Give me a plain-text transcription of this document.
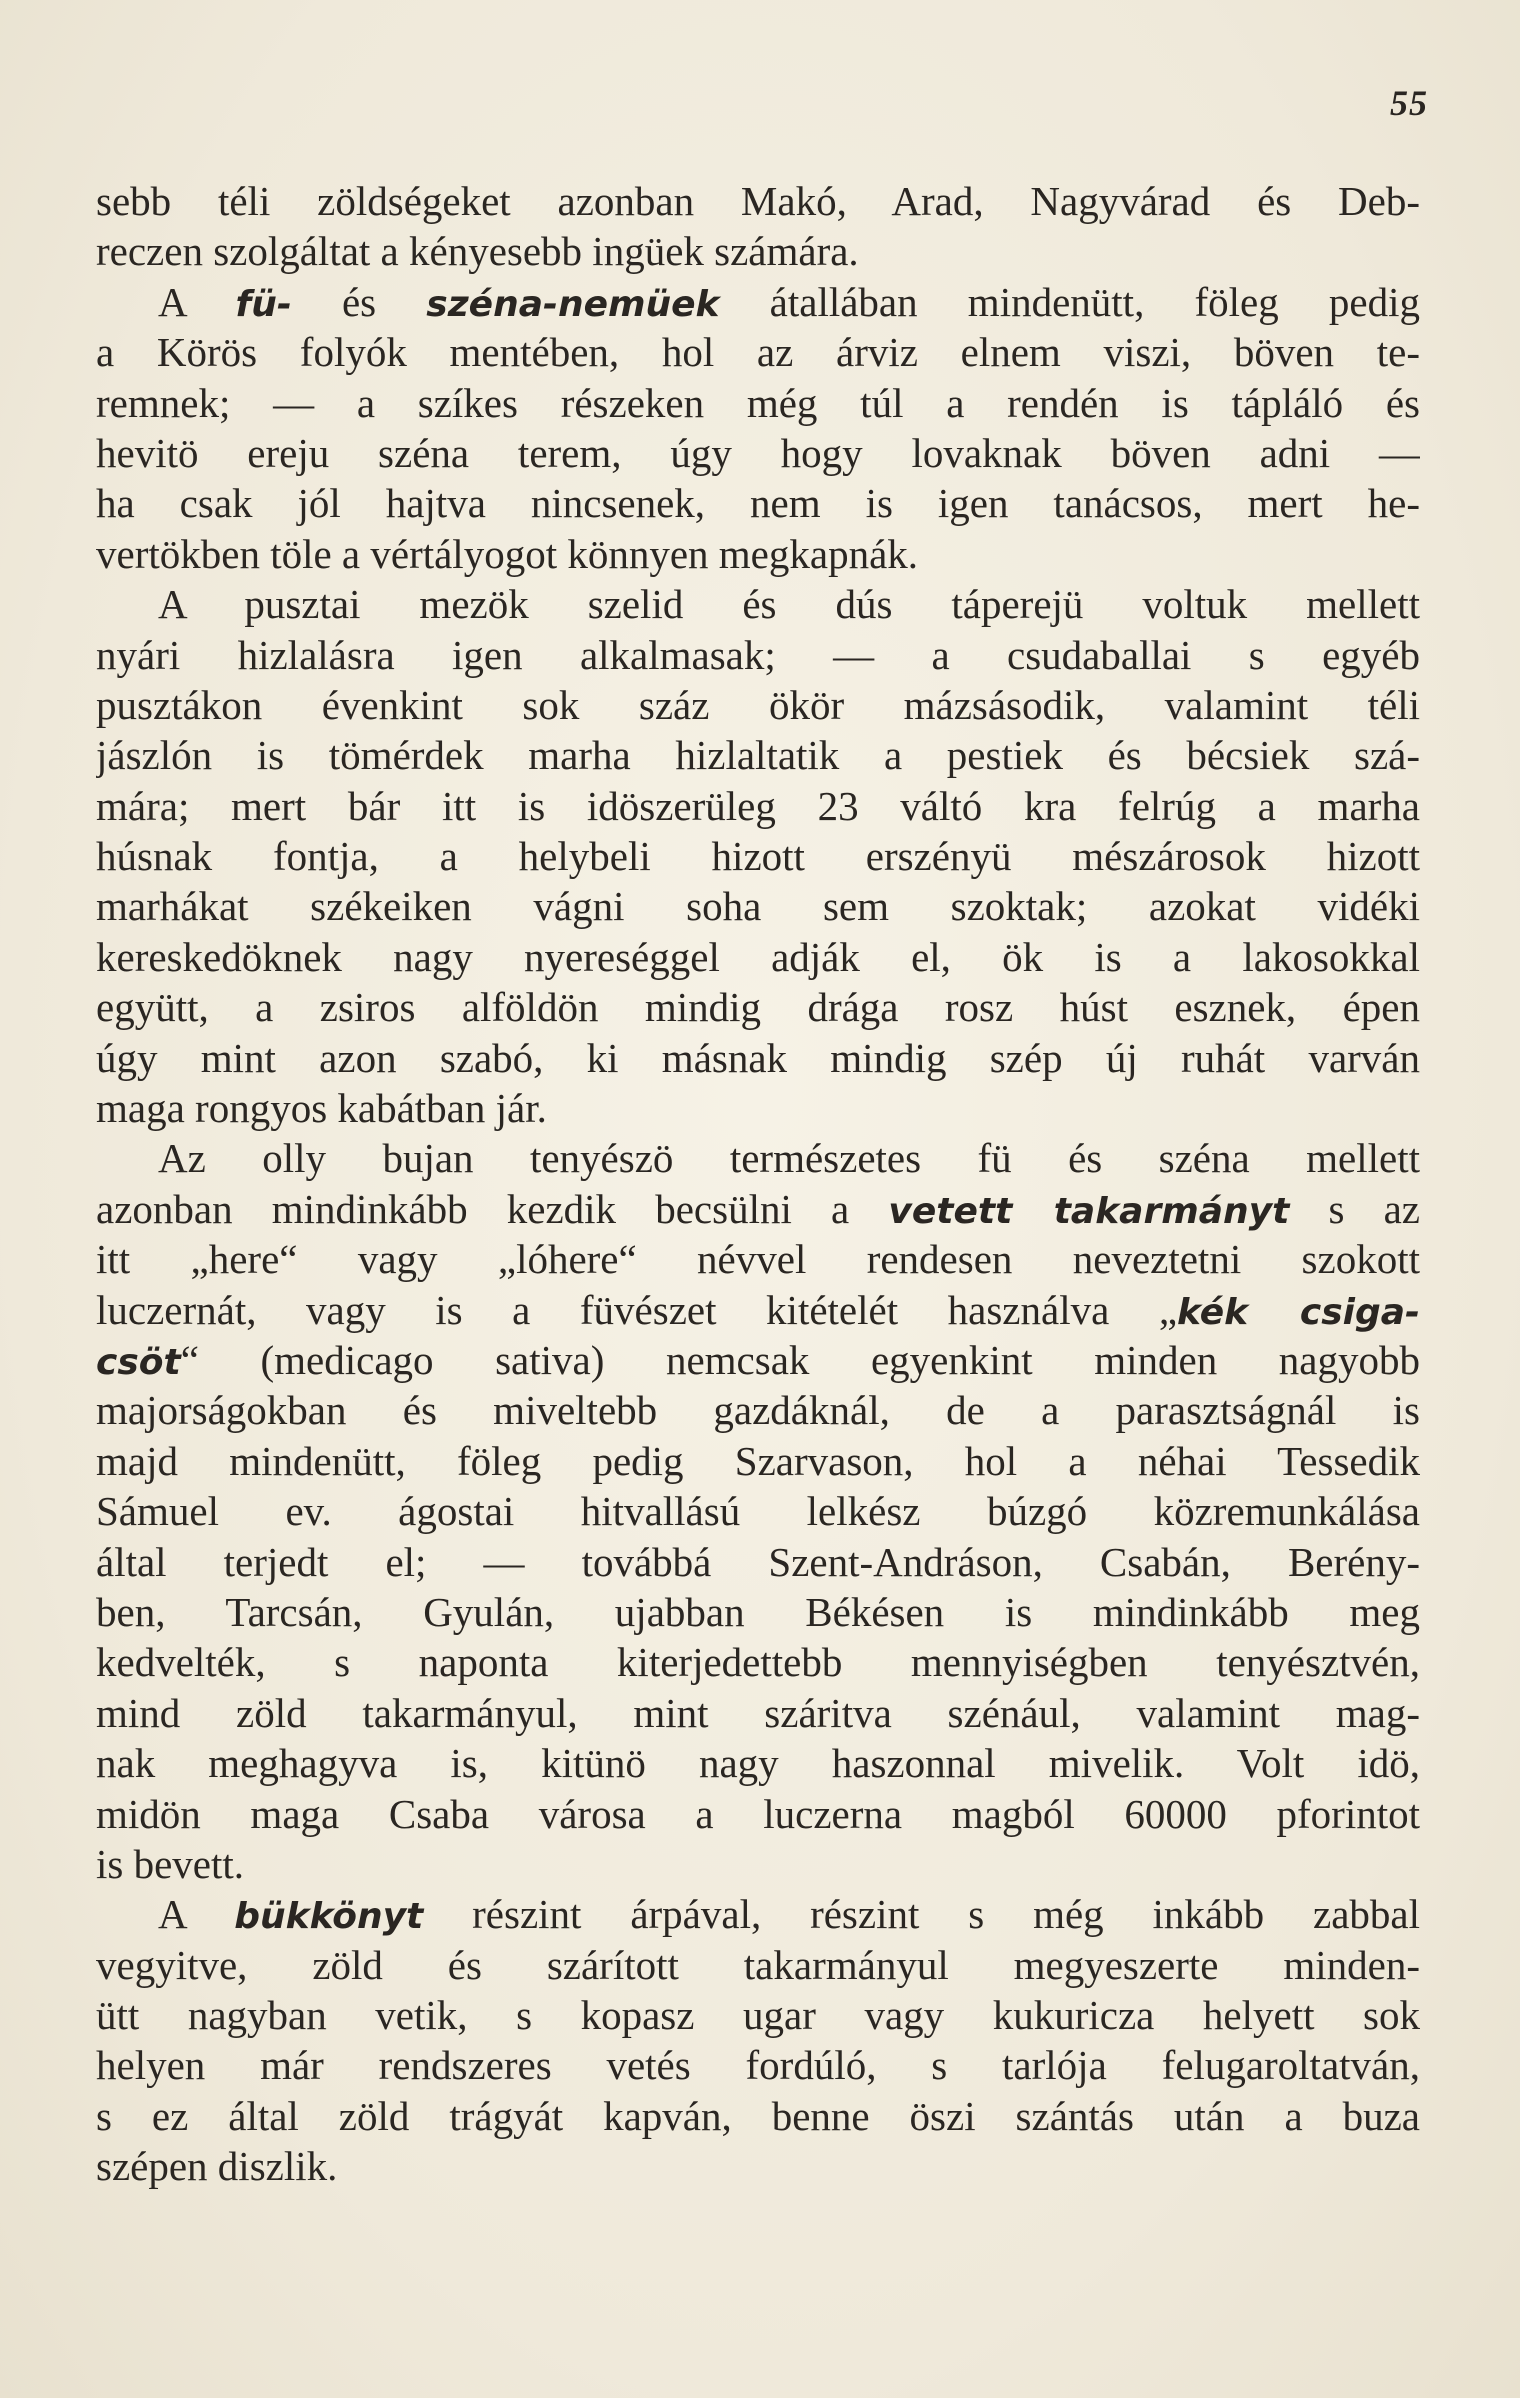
55
sebb téli zöldségeket azonban Makó, Arad, Nagyvárad és Deb-
reczen szolgáltat a kényesebb ingüek számára.
A fü- és széna-nemüek átallában mindenütt, föleg pedig
a Körös folyók mentében, hol az árviz elnem viszi, böven te-
remnek; — a szíkes részeken még túl a rendén is tápláló és
hevitö ereju széna terem, úgy hogy lovaknak böven adni —
ha csak jól hajtva nincsenek, nem is igen tanácsos, mert he-
vertökben töle a vértályogot könnyen megkapnák.
A pusztai mezök szelid és dús táperejü voltuk mellett
nyári hizlalásra igen alkalmasak; — a csudaballai s egyéb
pusztákon évenkint sok száz ökör mázsásodik, valamint téli
jászlón is tömérdek marha hizlaltatik a pestiek és bécsiek szá-
mára; mert bár itt is idöszerüleg 23 váltó kra felrúg a marha
húsnak fontja, a helybeli hizott erszényü mészárosok hizott
marhákat székeiken vágni soha sem szoktak; azokat vidéki
kereskedöknek nagy nyereséggel adják el, ök is a lakosokkal
együtt, a zsiros alföldön mindig drága rosz húst esznek, épen
úgy mint azon szabó, ki másnak mindig szép új ruhát varván
maga rongyos kabátban jár.
Az olly bujan tenyészö természetes fü és széna mellett
azonban mindinkább kezdik becsülni a vetett takarmányt s az
itt „here“ vagy „lóhere“ névvel rendesen neveztetni szokott
luczernát, vagy is a füvészet kitételét használva „kék csiga-
csöt“ (medicago sativa) nemcsak egyenkint minden nagyobb
majorságokban és miveltebb gazdáknál, de a parasztságnál is
majd mindenütt, föleg pedig Szarvason, hol a néhai Tessedik
Sámuel ev. ágostai hitvallású lelkész búzgó közremunkálása
által terjedt el; — továbbá Szent-Andráson, Csabán, Berény-
ben, Tarcsán, Gyulán, ujabban Békésen is mindinkább meg
kedvelték, s naponta kiterjedettebb mennyiségben tenyésztvén,
mind zöld takarmányul, mint száritva szénául, valamint mag-
nak meghagyva is, kitünö nagy haszonnal mivelik. Volt idö,
midön maga Csaba városa a luczerna magból 60000 pforintot
is bevett.
A bükkönyt részint árpával, részint s még inkább zabbal
vegyitve, zöld és szárított takarmányul megyeszerte minden-
ütt nagyban vetik, s kopasz ugar vagy kukuricza helyett sok
helyen már rendszeres vetés fordúló, s tarlója felugaroltatván,
s ez által zöld trágyát kapván, benne öszi szántás után a buza
szépen diszlik.
